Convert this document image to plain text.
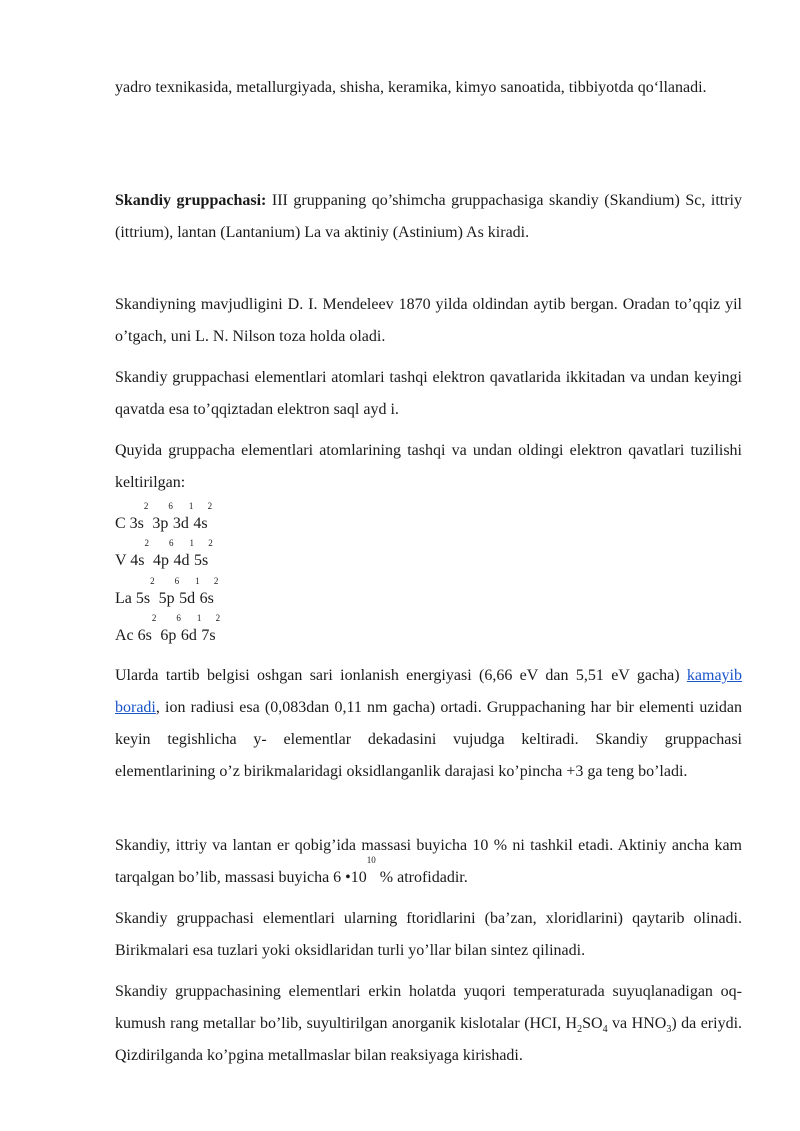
yadro texnikasida, metallurgiyada, shisha, keramika, kimyo sanoatida, tibbiyotda qo‘llanadi.

Skandiy gruppachasi: III gruppaning qo’shimcha gruppachasiga skandiy (Skandium) Sc, ittriy (ittrium), lantan (Lantanium) La va aktiniy (Astinium) As kiradi.

Skandiyning mavjudligini D. I. Mendeleev 1870 yilda oldindan aytib bergan. Oradan to’qqiz yil o’tgach, uni L. N. Nilson toza holda oladi.

Skandiy gruppachasi elementlari atomlari tashqi elektron qavatlarida ikkitadan va undan keyingi qavatda esa to’qqiztadan elektron saql ayd i.

Quyida gruppacha elementlari atomlarining tashqi va undan oldingi elektron qavatlari tuzilishi keltirilgan:

C $3s^2$ $3p^63d^14s^2$

V $4s^2$ $4p^64d^15s^2$

La $5s^2$ $5p^65d^16s^2$

Ac $6s^2$ $6p^66d^17s^2$

Ularda tartib belgisi oshgan sari ionlanish energiyasi (6,66 eV dan 5,51 eV gacha) kamayib boradi, ion radiusi esa (0,083dan 0,11 nm gacha) ortadi. Gruppachaning har bir elementi uzidan keyin tegishlicha y- elementlar dekadasini vujudga keltiradi. Skandiy gruppachasi elementlarining o’z birikmalaridagi oksidlanganlik darajasi ko’pincha +3 ga teng bo’ladi.

Skandiy, ittriy va lantan er qobig’ida massasi buyicha 10 % ni tashkil etadi. Aktiniy ancha kam tarqalgan bo’lib, massasi buyicha 6 $•10^{10}$ % atrofidadir.

Skandiy gruppachasi elementlari ularning ftoridlarini (ba’zan, xloridlarini) qaytarib olinadi. Birikmalari esa tuzlari yoki oksidlaridan turli yo’llar bilan sintez qilinadi.

Skandiy gruppachasining elementlari erkin holatda yuqori temperaturada suyuqlanadigan oq-kumush rang metallar bo’lib, suyultirilgan anorganik kislotalar (HCI, $H_2SO_4$ va $HNO_3$) da eriydi. Qizdirilganda ko’pgina metallmaslar bilan reaksiyaga kirishadi.
